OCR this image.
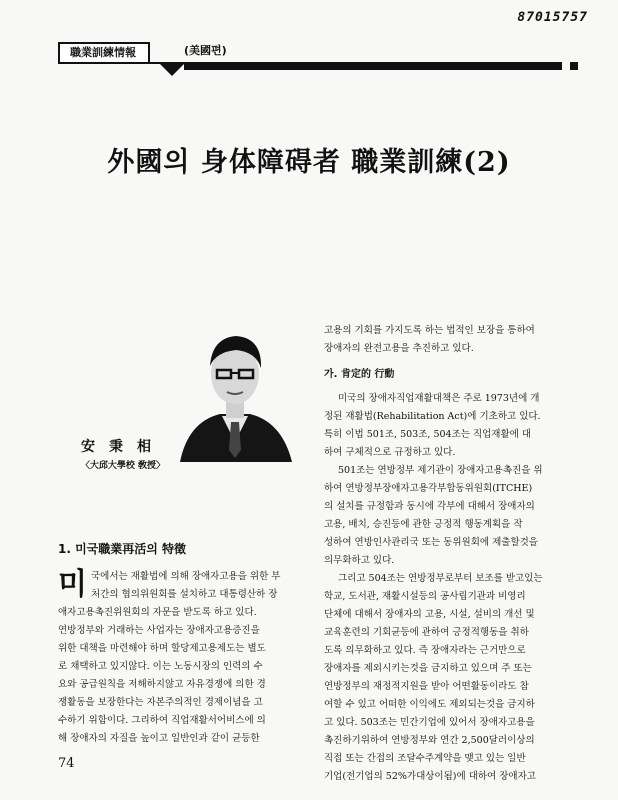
87015757
職業訓練情報	(美國편)
外國의 身体障碍者 職業訓練(2)
安秉相
〈大邱大學校 敎授〉
1. 미국職業再活의 特徵
미 국에서는 재활법에 의해 장애자고용을 위한 부
처간의 협의위원회를 설치하고 대통령산하 장
애자고용촉진위원회의 자문을 받도록 하고 있다.
연방정부와 거래하는 사업자는 장애자고용증진을
위한 대책을 마련해야 하며 할당제고용제도는 별도
로 채택하고 있지않다. 이는 노동시장의 인력의 수
요와 공급원칙을 저해하지않고 자유경쟁에 의한 경
쟁활동을 보장한다는 자본주의적인 경제이념을 고
수하기 위함이다. 그리하여 직업재활서어비스에 의
해 장애자의 자질을 높이고 일반인과 같이 균등한
고용의 기회를 가지도록 하는 법적인 보장을 통하여
장애자의 완전고용을 추진하고 있다.
가. 肯定的 行動
미국의 장애자직업재활대책은 주로 1973년에 개
정된 재활법(Rehabilitation Act)에 기초하고 있다.
특히 이법 501조, 503조, 504조는 직업재활에 대
하여 구체적으로 규정하고 있다.
501조는 연방정부 제기관이 장애자고용촉진을 위
하여 연방정부장애자고용각부합동위원회(ITCHE)
의 설치를 규정함과 동시에 각부에 대해서 장애자의
고용, 배치, 승진등에 관한 긍정적 행동계획을 작
성하여 연방인사관리국 또는 동위원회에 제출할것을
의무화하고 있다.
그리고 504조는 연방정부로부터 보조를 받고있는
학교, 도서관, 재활시설등의 공사립기관과 비영리
단체에 대해서 장애자의 고용, 시설, 설비의 개선 및
교육훈련의 기회균등에 관하여 긍정적행동을 취하
도록 의무화하고 있다. 즉 장애자라는 근거만으로
장애자를 제외시키는것을 금지하고 있으며 주 또는
연방정부의 재정적지원을 받아 어떤활동이라도 참
여할 수 있고 어떠한 이익에도 제외되는것을 금지하
고 있다. 503조는 민간기업에 있어서 장애자고용을
촉진하기위하여 연방정부와 연간 2,500달러이상의
직접 또는 간접의 조달수주계약을 맺고 있는 일반
기업(전기업의 52%가대상이됨)에 대하여 장애자고
74
